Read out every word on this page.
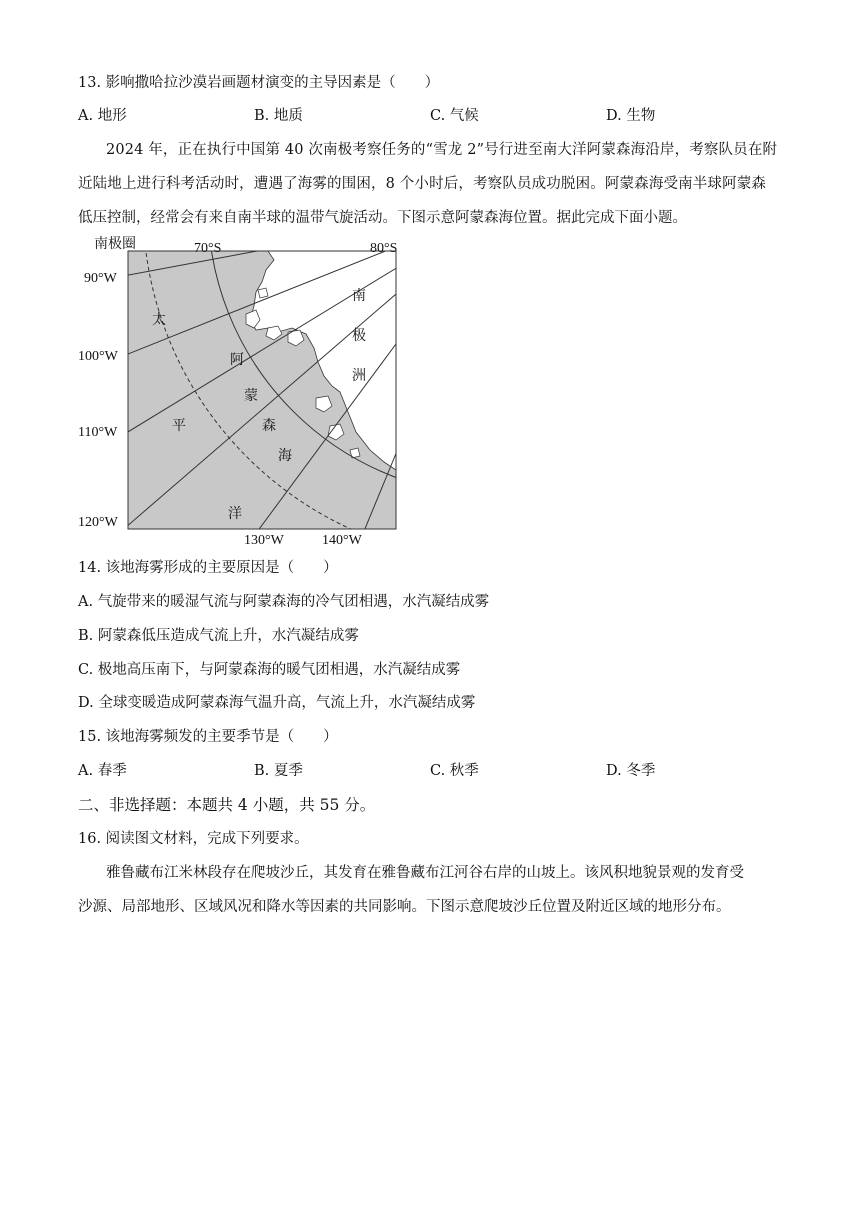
13. 影响撒哈拉沙漠岩画题材演变的主导因素是（　　）
A. 地形	B. 地质	C. 气候	D. 生物
2024 年，正在执行中国第 40 次南极考察任务的“雪龙 2”号行进至南大洋阿蒙森海沿岸，考察队员在附
近陆地上进行科考活动时，遭遇了海雾的围困，8 个小时后，考察队员成功脱困。阿蒙森海受南半球阿蒙森
低压控制，经常会有来自南半球的温带气旋活动。下图示意阿蒙森海位置。据此完成下面小题。
南极圈	70°S	80°S
90°W
100°W
110°W
120°W
130°W	140°W
南
极
洲
阿
蒙
森
海
太
平
洋
14. 该地海雾形成的主要原因是（　　）
A. 气旋带来的暖湿气流与阿蒙森海的冷气团相遇，水汽凝结成雾
B. 阿蒙森低压造成气流上升，水汽凝结成雾
C. 极地高压南下，与阿蒙森海的暖气团相遇，水汽凝结成雾
D. 全球变暖造成阿蒙森海气温升高，气流上升，水汽凝结成雾
15. 该地海雾频发的主要季节是（　　）
A. 春季	B. 夏季	C. 秋季	D. 冬季
二、非选择题：本题共 4 小题，共 55 分。
16. 阅读图文材料，完成下列要求。
雅鲁藏布江米林段存在爬坡沙丘，其发育在雅鲁藏布江河谷右岸的山坡上。该风积地貌景观的发育受
沙源、局部地形、区域风况和降水等因素的共同影响。下图示意爬坡沙丘位置及附近区域的地形分布。
